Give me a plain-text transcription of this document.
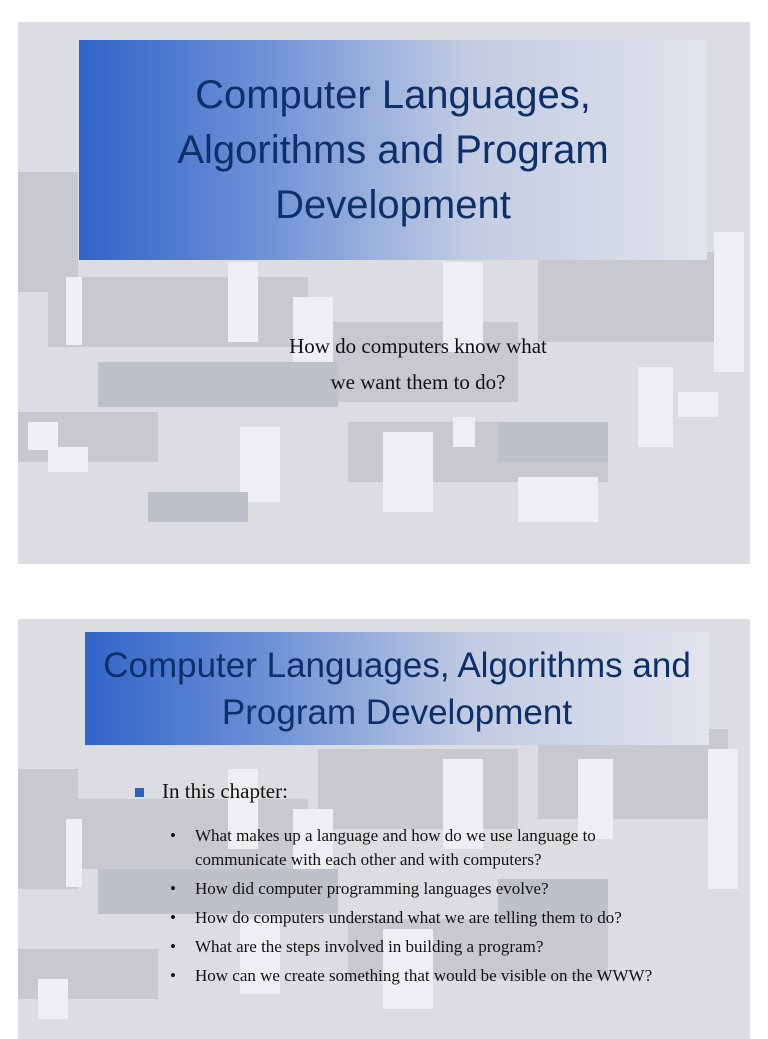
Computer Languages, Algorithms and Program Development
How do computers know what
we want them to do?
Computer Languages, Algorithms and Program Development
In this chapter:
• What makes up a language and how do we use language to communicate with each other and with computers?
• How did computer programming languages evolve?
• How do computers understand what we are telling them to do?
• What are the steps involved in building a program?
• How can we create something that would be visible on the WWW?
